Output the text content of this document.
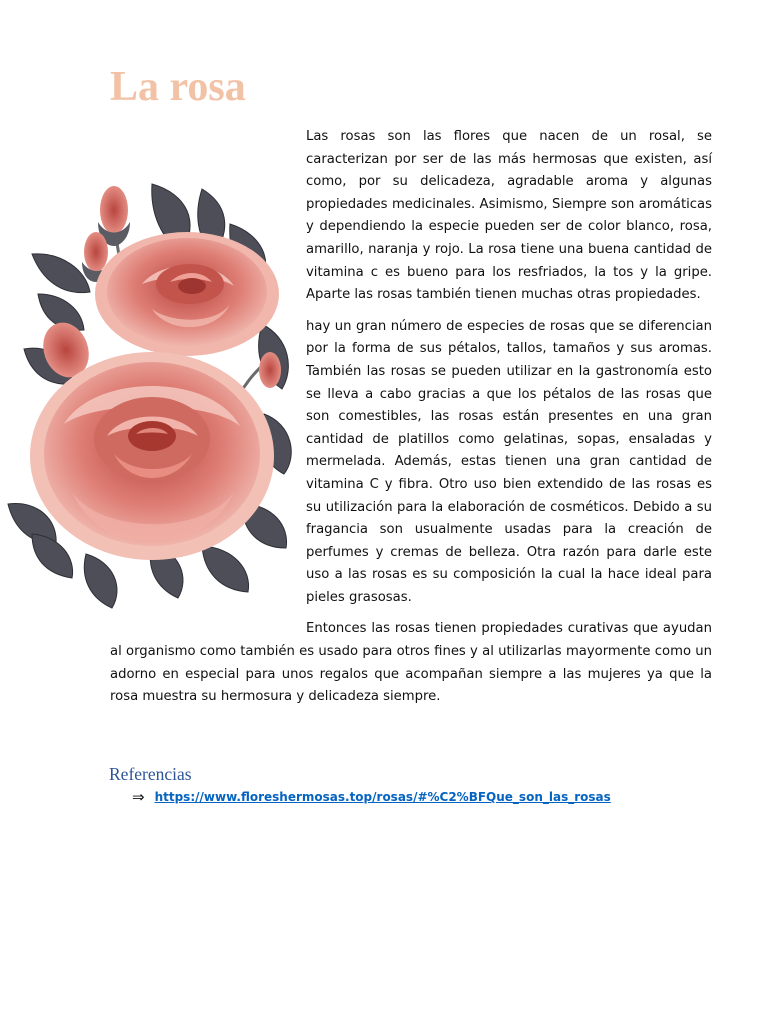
La rosa

Las rosas son las flores que nacen de un rosal, se caracterizan por ser de las más hermosas que existen, así como, por su delicadeza, agradable aroma y algunas propiedades medicinales. Asimismo, Siempre son aromáticas y dependiendo la especie pueden ser de color blanco, rosa, amarillo, naranja y rojo. La rosa tiene una buena cantidad de vitamina c es bueno para los resfriados, la tos y la gripe. Aparte las rosas también tienen muchas otras propiedades.

hay un gran número de especies de rosas que se diferencian por la forma de sus pétalos, tallos, tamaños y sus aromas. También las rosas se pueden utilizar en la gastronomía esto se lleva a cabo gracias a que los pétalos de las rosas que son comestibles, las rosas están presentes en una gran cantidad de platillos como gelatinas, sopas, ensaladas y mermelada. Además, estas tienen una gran cantidad de vitamina C y fibra. Otro uso bien extendido de las rosas es su utilización para la elaboración de cosméticos. Debido a su fragancia son usualmente usadas para la creación de perfumes y cremas de belleza. Otra razón para darle este uso a las rosas es su composición la cual la hace ideal para pieles grasosas.

Entonces las rosas tienen propiedades curativas que ayudan al organismo como también es usado para otros fines y al utilizarlas mayormente como un adorno en especial para unos regalos que acompañan siempre a las mujeres ya que la rosa muestra su hermosura y delicadeza siempre.

Referencias
⇒ https://www.floreshermosas.top/rosas/#%C2%BFQue_son_las_rosas
